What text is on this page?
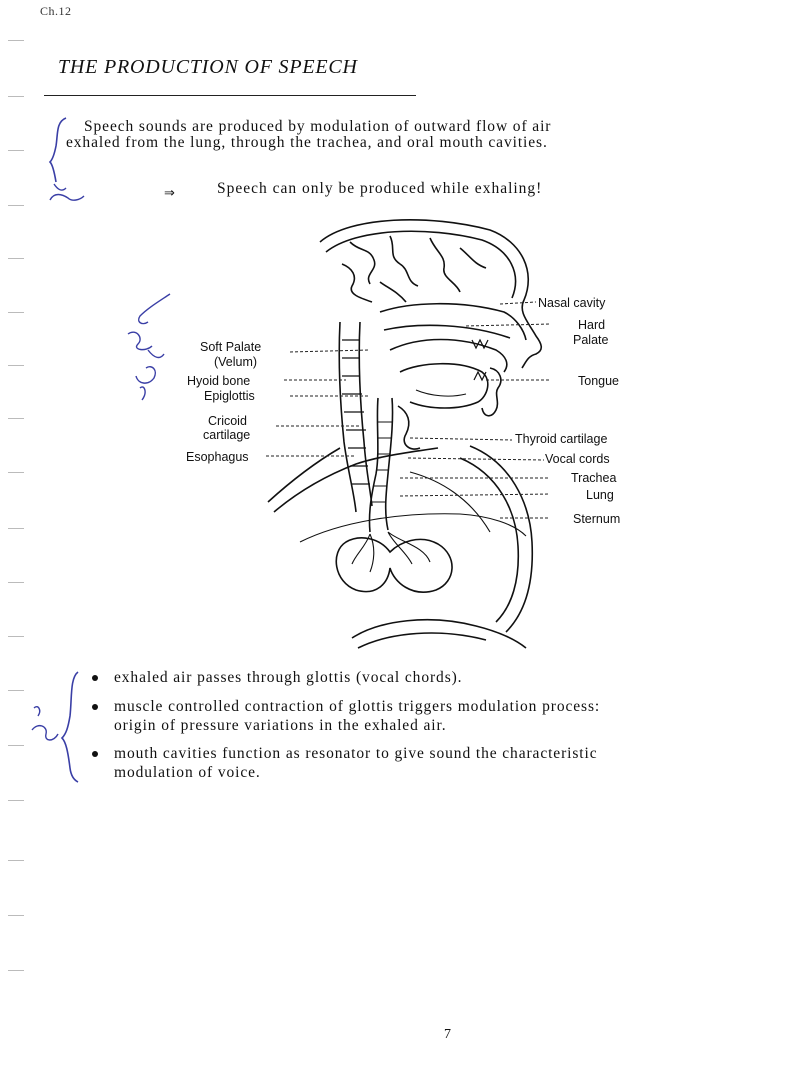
Ch.12
THE PRODUCTION OF SPEECH
Speech sounds are produced by modulation of outward flow of air
exhaled from the lung, through the trachea, and oral mouth cavities.
⇒	Speech can only be produced while exhaling!
Nasal cavity
Hard
Palate
Soft Palate
(Velum)
Tongue
Hyoid bone
Epiglottis
Cricoid
cartilage	Thyroid cartilage
Esophagus	Vocal cords
Trachea
Lung
Sternum
exhaled air passes through glottis (vocal chords).
muscle controlled contraction of glottis triggers modulation process:
origin of pressure variations in the exhaled air.
mouth cavities function as resonator to give sound the characteristic
modulation of voice.
7
